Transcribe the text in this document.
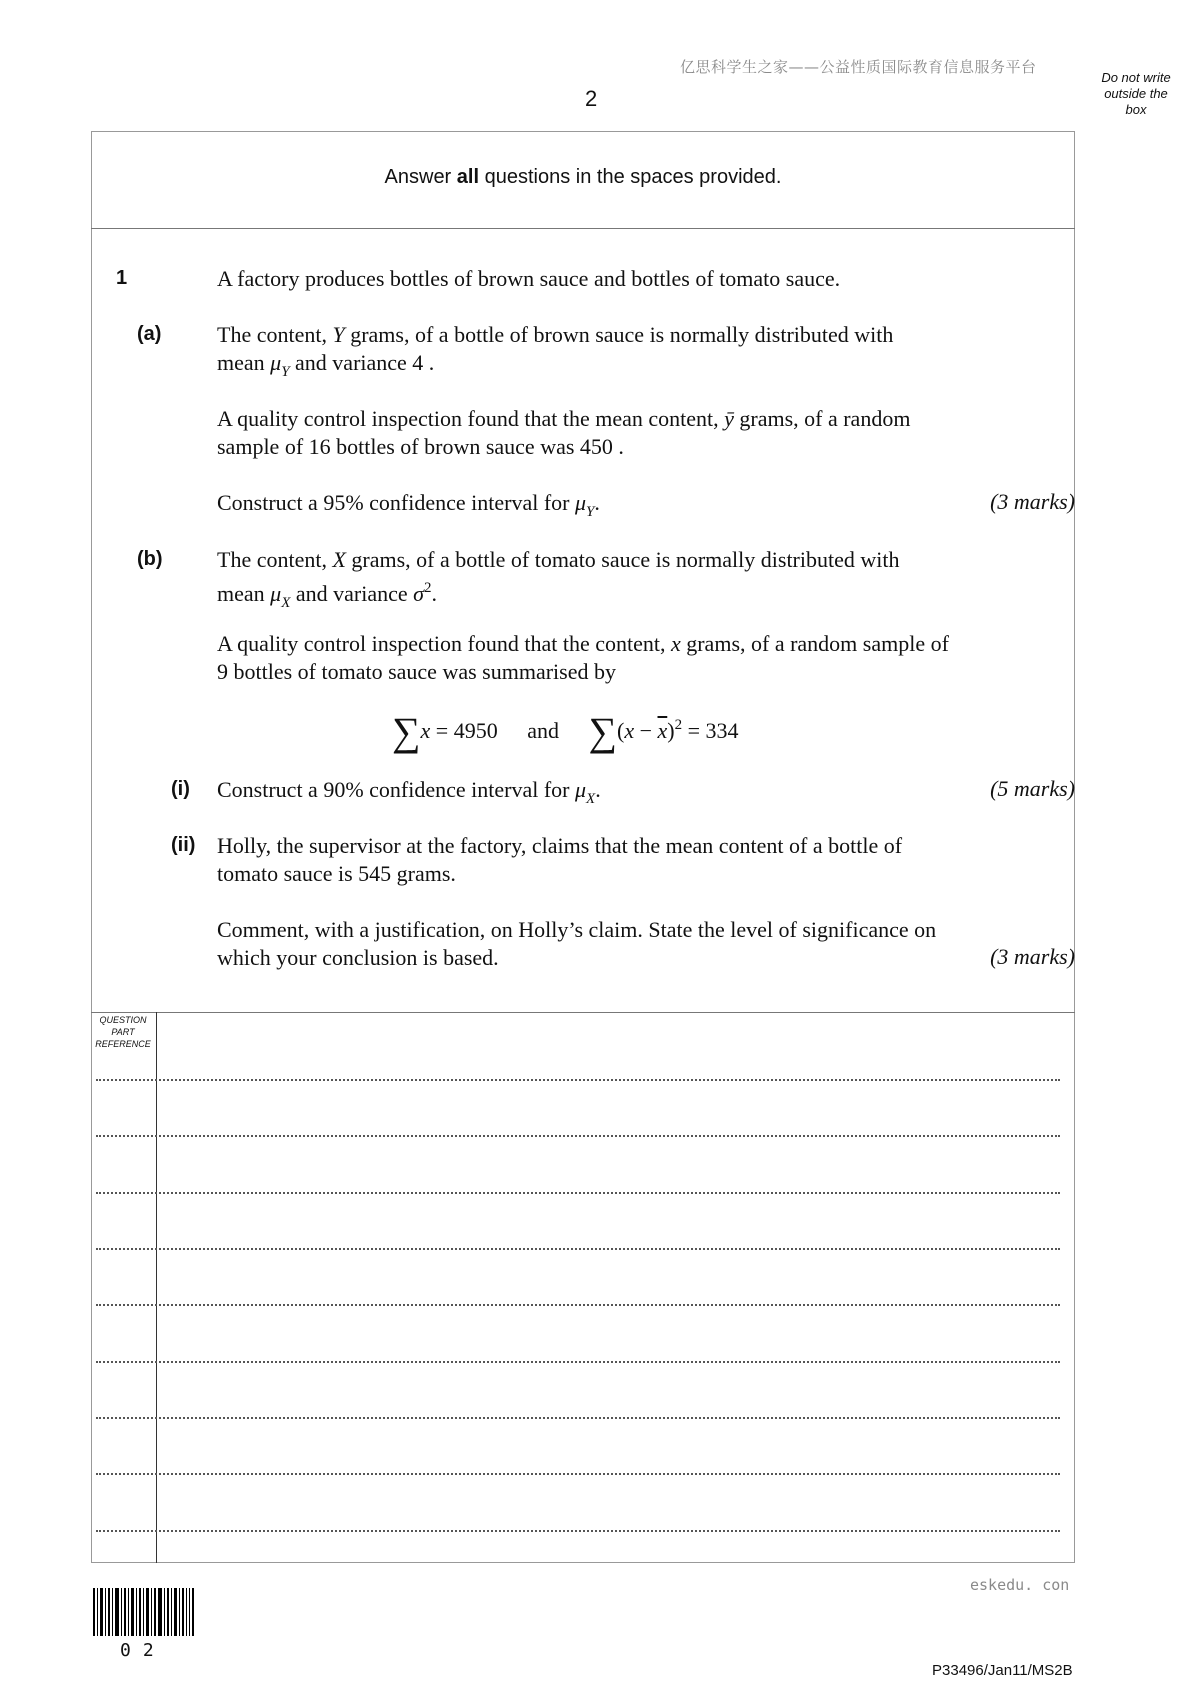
亿思科学生之家——公益性质国际教育信息服务平台
2
Do not write
outside the
box
Answer all questions in the spaces provided.
1	A factory produces bottles of brown sauce and bottles of tomato sauce.
(a)	The content, Y grams, of a bottle of brown sauce is normally distributed with
mean $\mu_Y$ and variance 4 .
A quality control inspection found that the mean content, ȳ grams, of a random
sample of 16 bottles of brown sauce was 450 .
Construct a 95% confidence interval for $\mu_Y$.	(3 marks)
(b) The content, X grams, of a bottle of tomato sauce is normally distributed with
mean $\mu_X$ and variance $\sigma^2$.
A quality control inspection found that the content, x grams, of a random sample of
9 bottles of tomato sauce was summarised by
∑x = 4950 and $\sum(x - \overline{x})^2 = 334$
(i) Construct a 90% confidence interval for $\mu_X$.	(5 marks)
(ii) Holly, the supervisor at the factory, claims that the mean content of a bottle of
tomato sauce is 545 grams.
Comment, with a justification, on Holly’s claim. State the level of significance on
which your conclusion is based.	(3 marks)
QUESTION
PART
REFERENCE
eskedu. con
02
P33496/Jan11/MS2B
